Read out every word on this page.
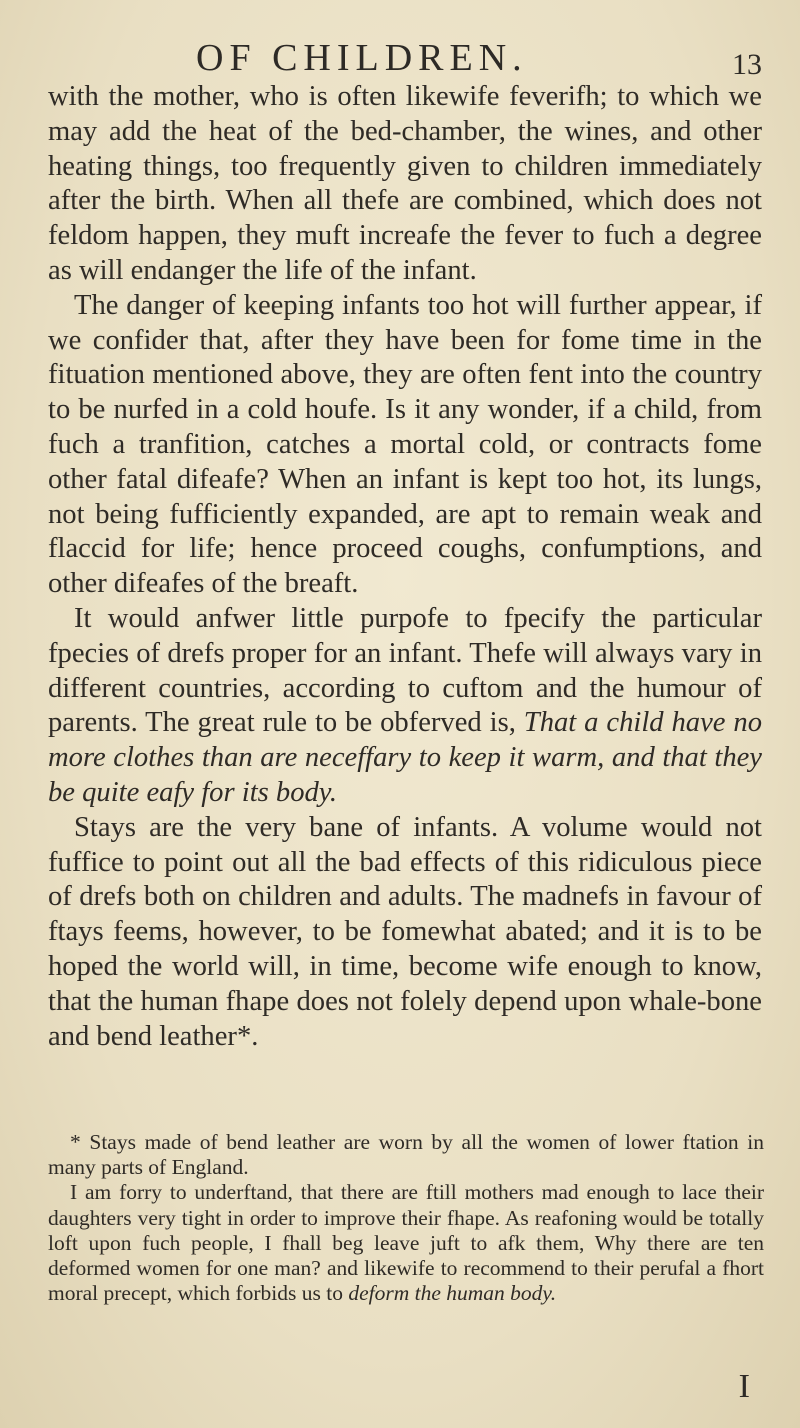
OF CHILDREN.	13

with the mother, who is often likewife feverifh; to which we may add the heat of the bed-chamber, the wines, and other heating things, too frequently given to children immediately after the birth. When all thefe are combined, which does not feldom happen, they muft increafe the fever to fuch a degree as will endanger the life of the infant.

The danger of keeping infants too hot will further appear, if we confider that, after they have been for fome time in the fituation mentioned above, they are often fent into the country to be nurfed in a cold houfe. Is it any wonder, if a child, from fuch a tranfition, catches a mortal cold, or contracts fome other fatal difeafe? When an infant is kept too hot, its lungs, not being fufficiently expanded, are apt to remain weak and flaccid for life; hence proceed coughs, confumptions, and other difeafes of the breaft.

It would anfwer little purpofe to fpecify the particular fpecies of drefs proper for an infant. Thefe will always vary in different countries, according to cuftom and the humour of parents. The great rule to be obferved is, That a child have no more clothes than are neceffary to keep it warm, and that they be quite eafy for its body.

Stays are the very bane of infants. A volume would not fuffice to point out all the bad effects of this ridiculous piece of drefs both on children and adults. The madnefs in favour of ftays feems, however, to be fomewhat abated; and it is to be hoped the world will, in time, become wife enough to know, that the human fhape does not folely depend upon whale-bone and bend leather*.

* Stays made of bend leather are worn by all the women of lower ftation in many parts of England.

I am forry to underftand, that there are ftill mothers mad enough to lace their daughters very tight in order to improve their fhape. As reafoning would be totally loft upon fuch people, I fhall beg leave juft to afk them, Why there are ten deformed women for one man? and likewife to recommend to their perufal a fhort moral precept, which forbids us to deform the human body.

I
